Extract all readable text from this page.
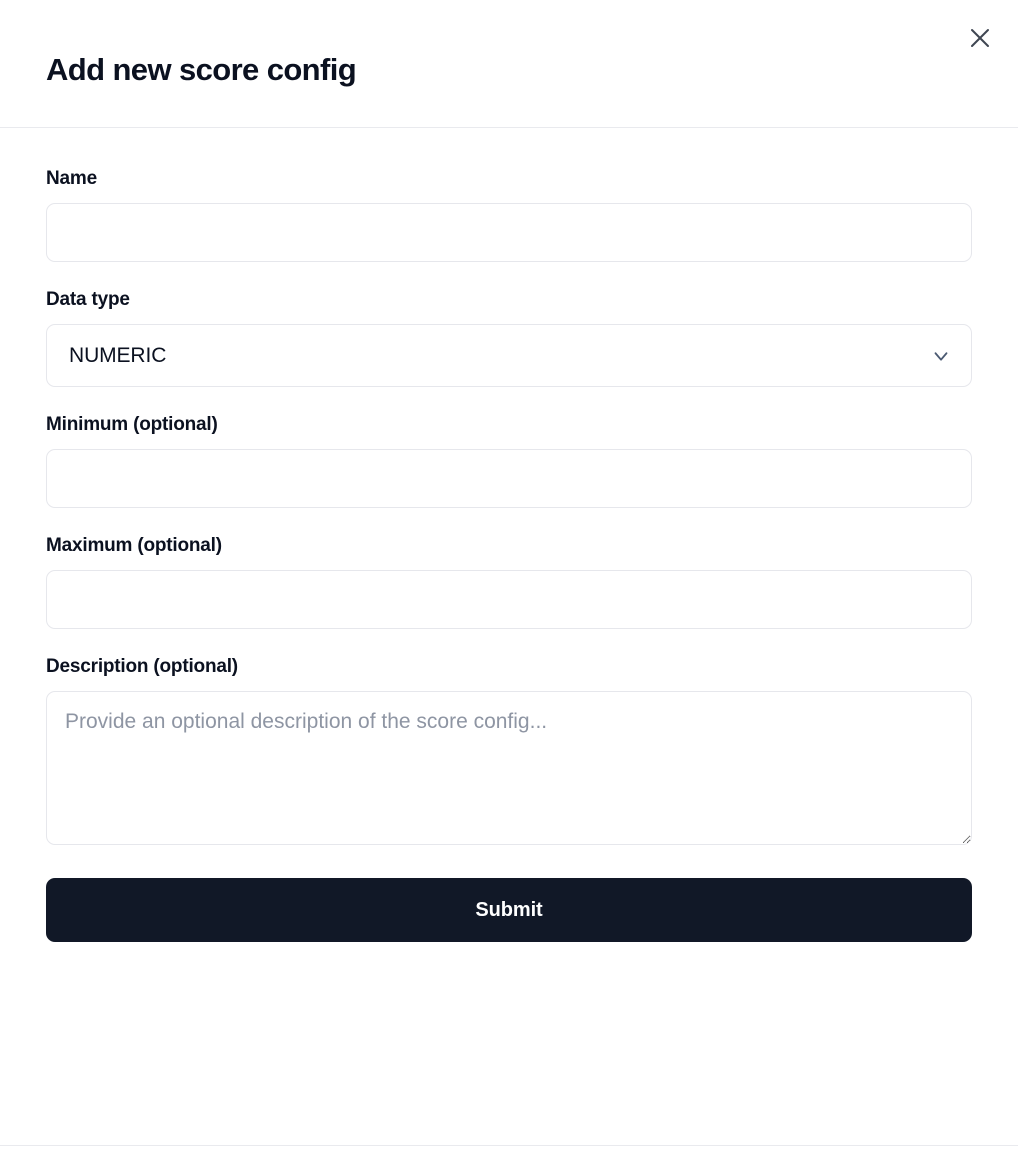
Add new score config
Name
Data type
NUMERIC
Minimum (optional)
Maximum (optional)
Description (optional)
Provide an optional description of the score config...
Submit
